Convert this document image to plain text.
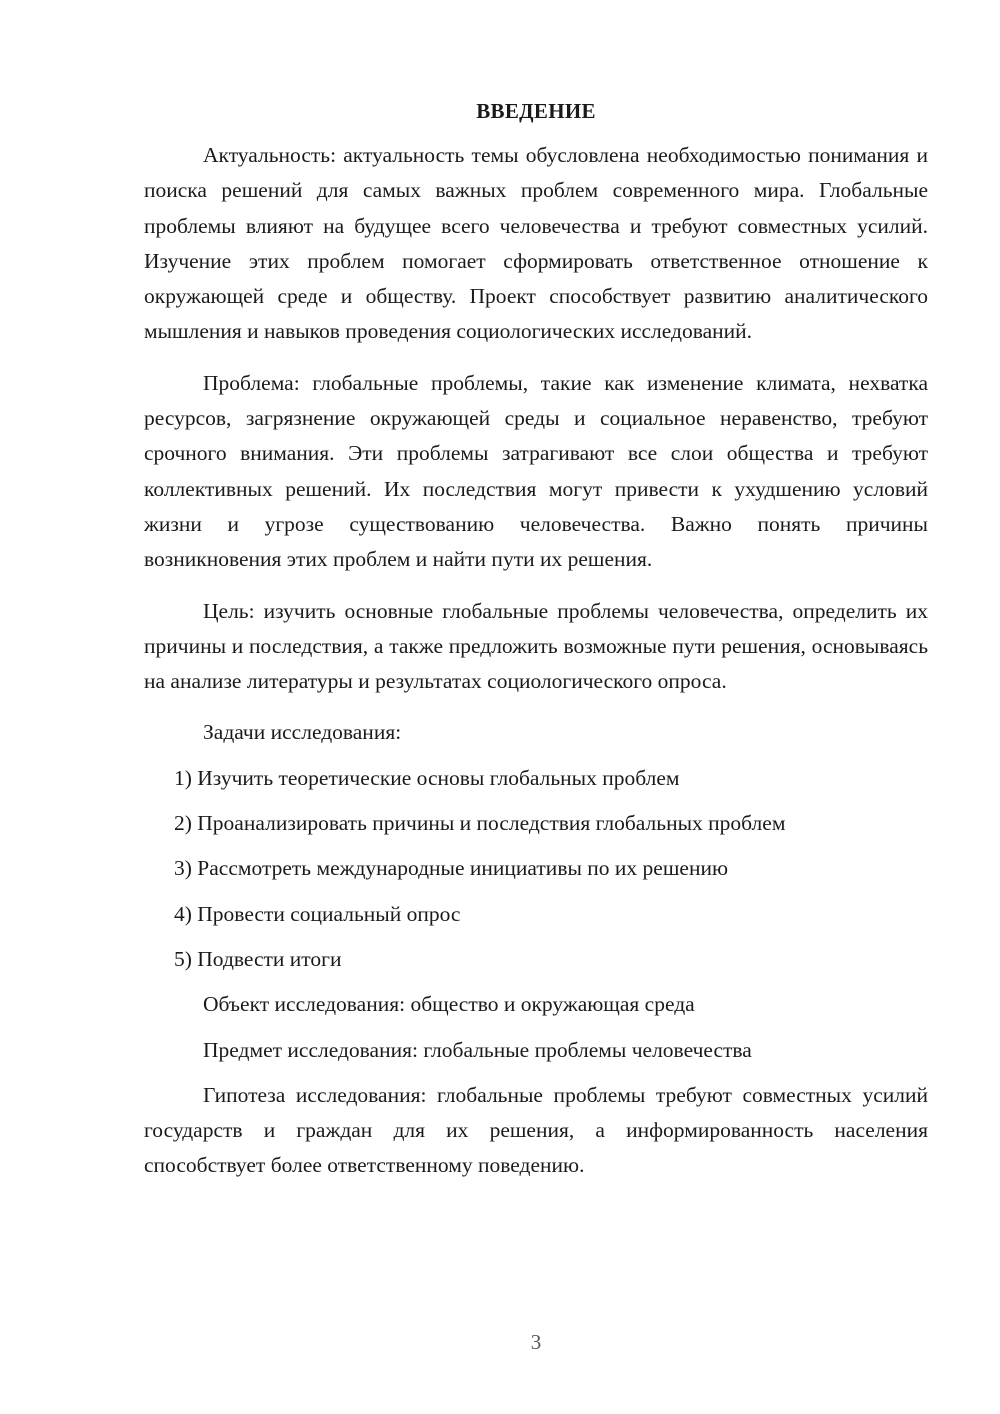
ВВЕДЕНИЕ

Актуальность: актуальность темы обусловлена необходимостью понимания и поиска решений для самых важных проблем современного мира. Глобальные проблемы влияют на будущее всего человечества и требуют совместных усилий. Изучение этих проблем помогает сформировать ответственное отношение к окружающей среде и обществу. Проект способствует развитию аналитического мышления и навыков проведения социологических исследований.

Проблема: глобальные проблемы, такие как изменение климата, нехватка ресурсов, загрязнение окружающей среды и социальное неравенство, требуют срочного внимания. Эти проблемы затрагивают все слои общества и требуют коллективных решений. Их последствия могут привести к ухудшению условий жизни и угрозе существованию человечества. Важно понять причины возникновения этих проблем и найти пути их решения.

Цель: изучить основные глобальные проблемы человечества, определить их причины и последствия, а также предложить возможные пути решения, основываясь на анализе литературы и результатах социологического опроса.

Задачи исследования:
1) Изучить теоретические основы глобальных проблем
2) Проанализировать причины и последствия глобальных проблем
3) Рассмотреть международные инициативы по их решению
4) Провести социальный опрос
5) Подвести итоги
Объект исследования: общество и окружающая среда
Предмет исследования: глобальные проблемы человечества

Гипотеза исследования: глобальные проблемы требуют совместных усилий государств и граждан для их решения, а информированность населения способствует более ответственному поведению.

3
